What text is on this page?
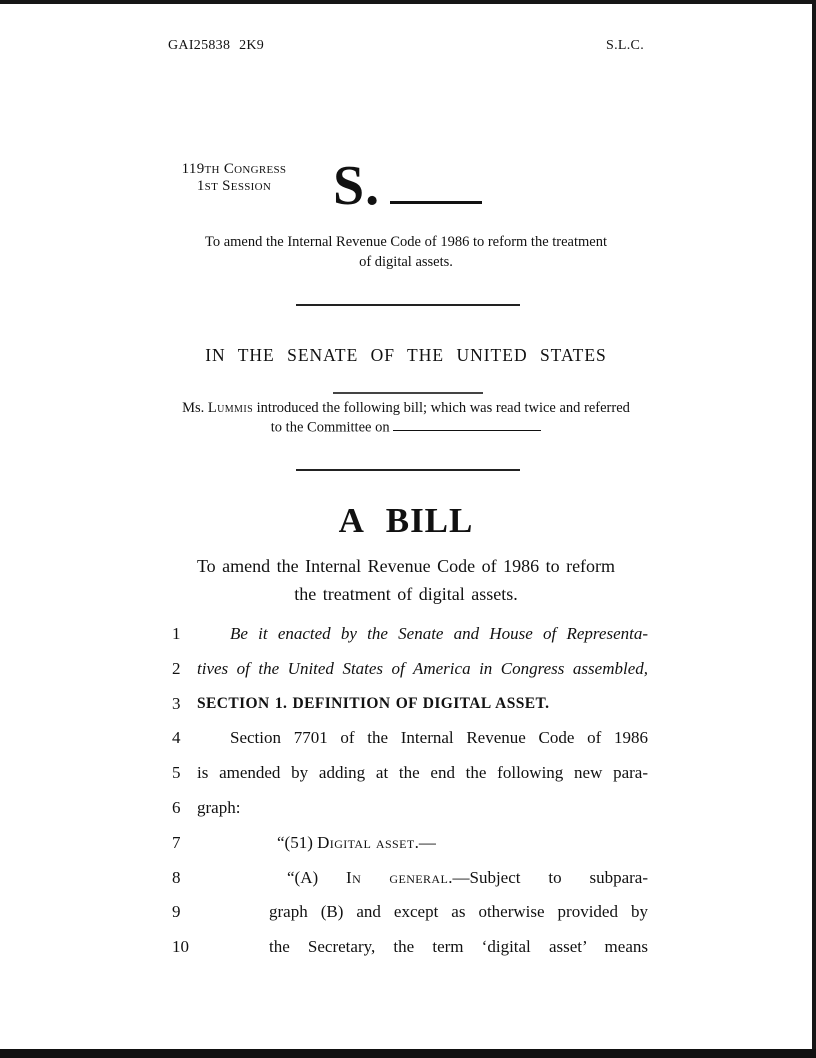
GAI25838 2K9	S.L.C.
119th Congress
1st Session	S.
To amend the Internal Revenue Code of 1986 to reform the treatment
of digital assets.
IN THE SENATE OF THE UNITED STATES
Ms. Lummis introduced the following bill; which was read twice and referred
to the Committee on
A BILL
To amend the Internal Revenue Code of 1986 to reform
the treatment of digital assets.
1	Be it enacted by the Senate and House of Representa-
2 tives of the United States of America in Congress assembled,
3 SECTION 1. DEFINITION OF DIGITAL ASSET.
4	Section 7701 of the Internal Revenue Code of 1986
5 is amended by adding at the end the following new para-
6 graph:
7	“(51) Digital asset.—
8	“(A) In general.—Subject to subpara-
9	graph (B) and except as otherwise provided by
10	the Secretary, the term ‘digital asset’ means
